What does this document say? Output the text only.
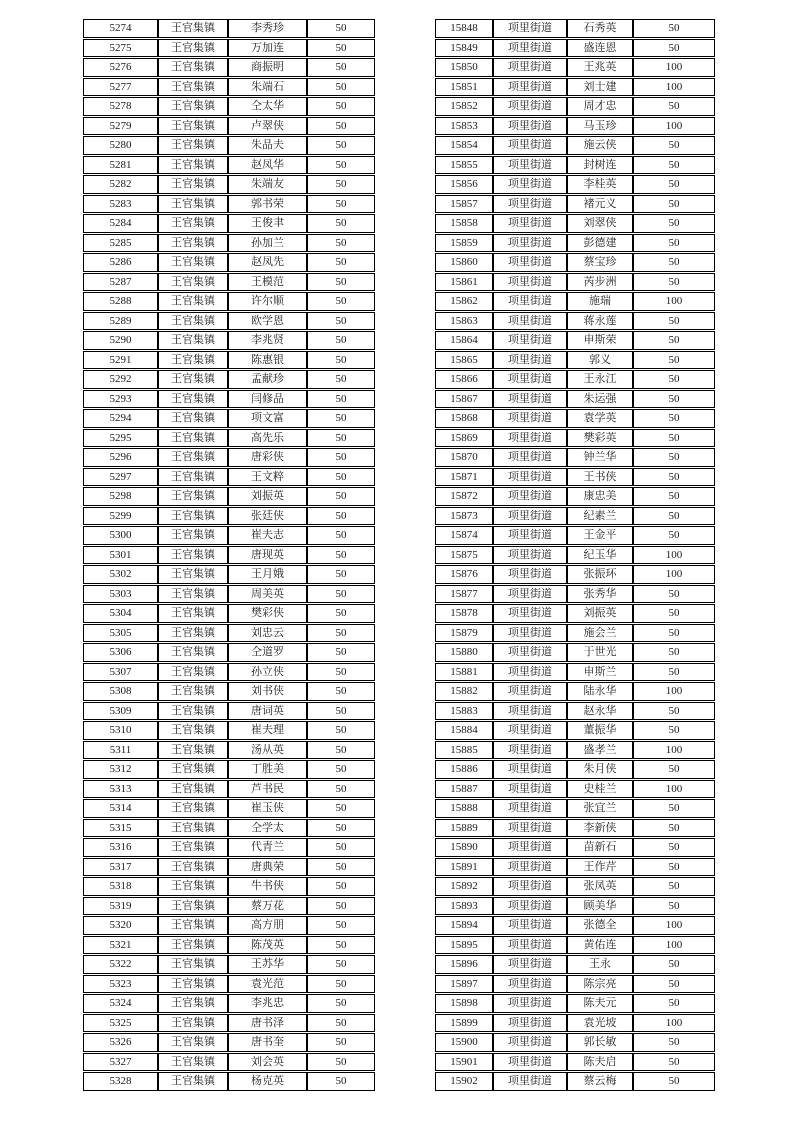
5274	王官集镇	李秀珍	50
5275	王官集镇	万加连	50
5276	王官集镇	商振明	50
5277	王官集镇	朱端石	50
5278	王官集镇	仝太华	50
5279	王官集镇	卢翠侠	50
5280	王官集镇	朱品夫	50
5281	王官集镇	赵凤华	50
5282	王官集镇	朱端友	50
5283	王官集镇	郭书荣	50
5284	王官集镇	王俊聿	50
5285	王官集镇	孙加兰	50
5286	王官集镇	赵凤先	50
5287	王官集镇	王模范	50
5288	王官集镇	许尔顺	50
5289	王官集镇	欧学恩	50
5290	王官集镇	李兆贤	50
5291	王官集镇	陈惠银	50
5292	王官集镇	孟献珍	50
5293	王官集镇	闫修品	50
5294	王官集镇	项文富	50
5295	王官集镇	高先乐	50
5296	王官集镇	唐彩侠	50
5297	王官集镇	王文粹	50
5298	王官集镇	刘振英	50
5299	王官集镇	张廷侠	50
5300	王官集镇	崔夫志	50
5301	王官集镇	唐现英	50
5302	王官集镇	王月娥	50
5303	王官集镇	周美英	50
5304	王官集镇	樊彩侠	50
5305	王官集镇	刘忠云	50
5306	王官集镇	仝道罗	50
5307	王官集镇	孙立侠	50
5308	王官集镇	刘书侠	50
5309	王官集镇	唐词英	50
5310	王官集镇	崔夫理	50
5311	王官集镇	汤从英	50
5312	王官集镇	丁胜美	50
5313	王官集镇	芦书民	50
5314	王官集镇	崔玉侠	50
5315	王官集镇	仝学太	50
5316	王官集镇	代青兰	50
5317	王官集镇	唐典荣	50
5318	王官集镇	牛书侠	50
5319	王官集镇	蔡万花	50
5320	王官集镇	高方朋	50
5321	王官集镇	陈茂英	50
5322	王官集镇	王苏华	50
5323	王官集镇	袁光范	50
5324	王官集镇	李兆忠	50
5325	王官集镇	唐书泽	50
5326	王官集镇	唐书奎	50
5327	王官集镇	刘会英	50
5328	王官集镇	杨克英	50
15848	项里街道	石秀英	50
15849	项里街道	盛连恩	50
15850	项里街道	王兆英	100
15851	项里街道	刘士建	100
15852	项里街道	周才忠	50
15853	项里街道	马玉珍	100
15854	项里街道	施云侠	50
15855	项里街道	封树连	50
15856	项里街道	李桂英	50
15857	项里街道	褚元义	50
15858	项里街道	刘翠侠	50
15859	项里街道	彭德建	50
15860	项里街道	蔡宝珍	50
15861	项里街道	芮步洲	50
15862	项里街道	施瑞	100
15863	项里街道	蒋永莲	50
15864	项里街道	申斯荣	50
15865	项里街道	郭义	50
15866	项里街道	王永江	50
15867	项里街道	朱运强	50
15868	项里街道	袁学英	50
15869	项里街道	樊彩英	50
15870	项里街道	钟兰华	50
15871	项里街道	王书侠	50
15872	项里街道	康忠美	50
15873	项里街道	纪素兰	50
15874	项里街道	王金平	50
15875	项里街道	纪玉华	100
15876	项里街道	张振环	100
15877	项里街道	张秀华	50
15878	项里街道	刘振英	50
15879	项里街道	施会兰	50
15880	项里街道	于世光	50
15881	项里街道	申斯兰	50
15882	项里街道	陆永华	100
15883	项里街道	赵永华	50
15884	项里街道	董振华	50
15885	项里街道	盛孝兰	100
15886	项里街道	朱月侠	50
15887	项里街道	史桂兰	100
15888	项里街道	张宜兰	50
15889	项里街道	李新侠	50
15890	项里街道	苗新石	50
15891	项里街道	王作芹	50
15892	项里街道	张凤英	50
15893	项里街道	顾美华	50
15894	项里街道	张德全	100
15895	项里街道	黄佑连	100
15896	项里街道	王永	50
15897	项里街道	陈宗亮	50
15898	项里街道	陈夫元	50
15899	项里街道	袁光坡	100
15900	项里街道	郭长敏	50
15901	项里街道	陈夫启	50
15902	项里街道	蔡云梅	50
